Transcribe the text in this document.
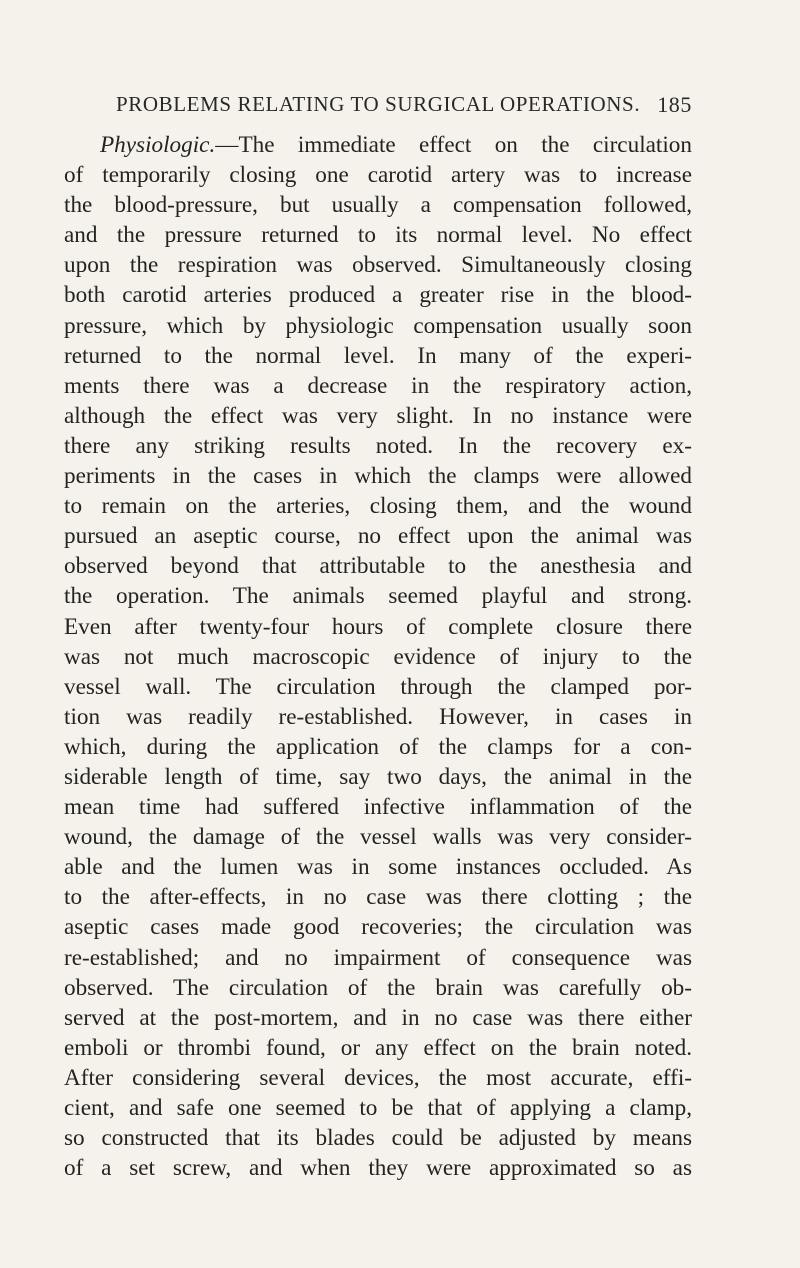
PROBLEMS RELATING TO SURGICAL OPERATIONS. 185
Physiologic.—The immediate effect on the circulation
of temporarily closing one carotid artery was to increase
the blood-pressure, but usually a compensation followed,
and the pressure returned to its normal level. No effect
upon the respiration was observed. Simultaneously closing
both carotid arteries produced a greater rise in the blood-
pressure, which by physiologic compensation usually soon
returned to the normal level. In many of the experi-
ments there was a decrease in the respiratory action,
although the effect was very slight. In no instance were
there any striking results noted. In the recovery ex-
periments in the cases in which the clamps were allowed
to remain on the arteries, closing them, and the wound
pursued an aseptic course, no effect upon the animal was
observed beyond that attributable to the anesthesia and
the operation. The animals seemed playful and strong.
Even after twenty-four hours of complete closure there
was not much macroscopic evidence of injury to the
vessel wall. The circulation through the clamped por-
tion was readily re-established. However, in cases in
which, during the application of the clamps for a con-
siderable length of time, say two days, the animal in the
mean time had suffered infective inflammation of the
wound, the damage of the vessel walls was very consider-
able and the lumen was in some instances occluded. As
to the after-effects, in no case was there clotting ; the
aseptic cases made good recoveries; the circulation was
re-established; and no impairment of consequence was
observed. The circulation of the brain was carefully ob-
served at the post-mortem, and in no case was there either
emboli or thrombi found, or any effect on the brain noted.
After considering several devices, the most accurate, effi-
cient, and safe one seemed to be that of applying a clamp,
so constructed that its blades could be adjusted by means
of a set screw, and when they were approximated so as
